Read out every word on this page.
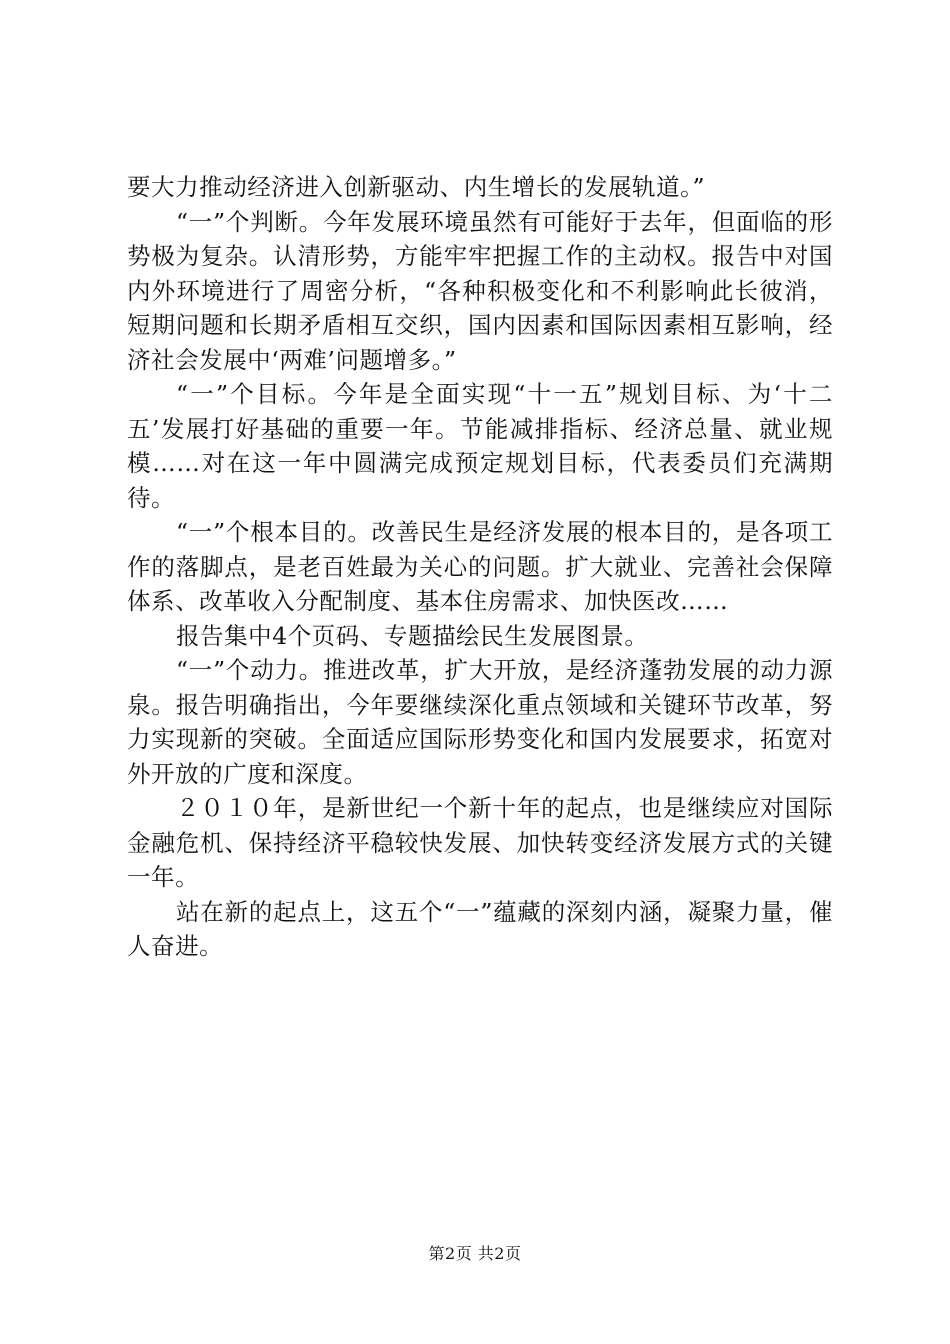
要大力推动经济进入创新驱动、内生增长的发展轨道。”

“一”个判断。今年发展环境虽然有可能好于去年，但面临的形势极为复杂。认清形势，方能牢牢把握工作的主动权。报告中对国内外环境进行了周密分析，“各种积极变化和不利影响此长彼消，短期问题和长期矛盾相互交织，国内因素和国际因素相互影响，经济社会发展中‘两难’问题增多。”

“一”个目标。今年是全面实现“十一五”规划目标、为‘十二五’发展打好基础的重要一年。节能减排指标、经济总量、就业规模……对在这一年中圆满完成预定规划目标，代表委员们充满期待。

“一”个根本目的。改善民生是经济发展的根本目的，是各项工作的落脚点，是老百姓最为关心的问题。扩大就业、完善社会保障体系、改革收入分配制度、基本住房需求、加快医改……

报告集中4个页码、专题描绘民生发展图景。

“一”个动力。推进改革，扩大开放，是经济蓬勃发展的动力源泉。报告明确指出，今年要继续深化重点领域和关键环节改革，努力实现新的突破。全面适应国际形势变化和国内发展要求，拓宽对外开放的广度和深度。

２０１０年，是新世纪一个新十年的起点，也是继续应对国际金融危机、保持经济平稳较快发展、加快转变经济发展方式的关键一年。

站在新的起点上，这五个“一”蕴藏的深刻内涵，凝聚力量，催人奋进。

第2页 共2页
